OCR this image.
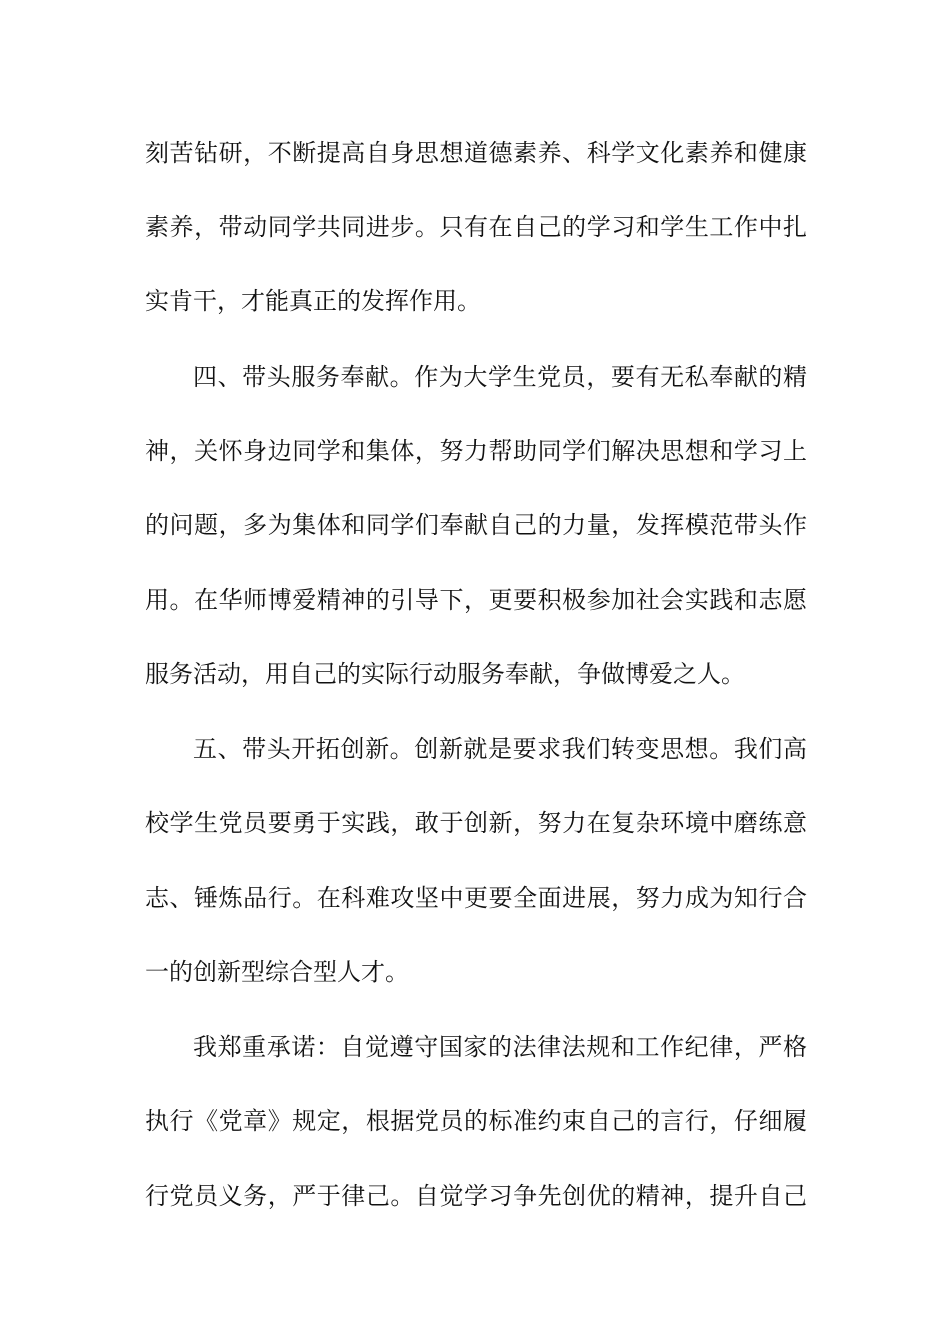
刻苦钻研，不断提高自身思想道德素养、科学文化素养和健康
素养，带动同学共同进步。只有在自己的学习和学生工作中扎
实肯干，才能真正的发挥作用。
四、带头服务奉献。作为大学生党员，要有无私奉献的精
神，关怀身边同学和集体，努力帮助同学们解决思想和学习上
的问题，多为集体和同学们奉献自己的力量，发挥模范带头作
用。在华师博爱精神的引导下，更要积极参加社会实践和志愿
服务活动，用自己的实际行动服务奉献，争做博爱之人。
五、带头开拓创新。创新就是要求我们转变思想。我们高
校学生党员要勇于实践，敢于创新，努力在复杂环境中磨练意
志、锤炼品行。在科难攻坚中更要全面进展，努力成为知行合
一的创新型综合型人才。
我郑重承诺：自觉遵守国家的法律法规和工作纪律，严格
执行《党章》规定，根据党员的标准约束自己的言行，仔细履
行党员义务，严于律己。自觉学习争先创优的精神，提升自己
